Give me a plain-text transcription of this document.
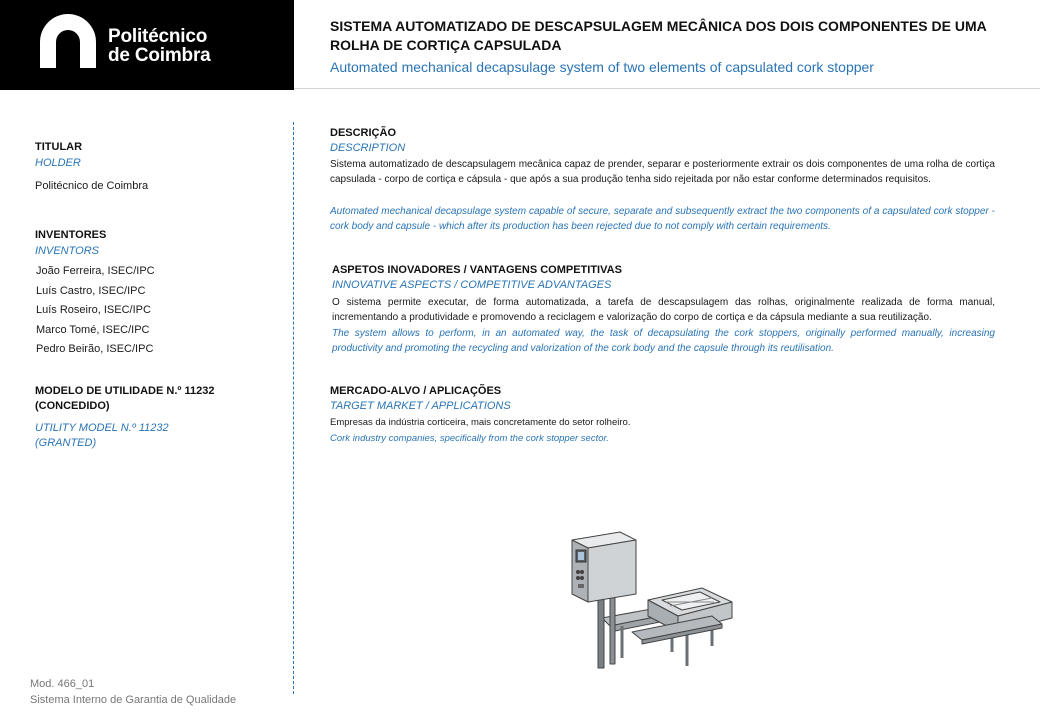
Politécnico
de Coimbra
SISTEMA AUTOMATIZADO DE DESCAPSULAGEM MECÂNICA DOS DOIS COMPONENTES DE UMA ROLHA DE CORTIÇA CAPSULADA
Automated mechanical decapsulage system of two elements of capsulated cork stopper
TITULAR
HOLDER
Politécnico de Coimbra
INVENTORES
INVENTORS
João Ferreira, ISEC/IPC
Luís Castro, ISEC/IPC
Luís Roseiro, ISEC/IPC
Marco Tomé, ISEC/IPC
Pedro Beirão, ISEC/IPC
MODELO DE UTILIDADE N.º 11232
(CONCEDIDO)
UTILITY MODEL N.º 11232
(GRANTED)
DESCRIÇÃO
DESCRIPTION
Sistema automatizado de descapsulagem mecânica capaz de prender, separar e posteriormente extrair os dois componentes de uma rolha de cortiça capsulada - corpo de cortiça e cápsula - que após a sua produção tenha sido rejeitada por não estar conforme determinados requisitos.
Automated mechanical decapsulage system capable of secure, separate and subsequently extract the two components of a capsulated cork stopper - cork body and capsule - which after its production has been rejected due to not comply with certain requirements.
ASPETOS INOVADORES / VANTAGENS COMPETITIVAS
INNOVATIVE ASPECTS / COMPETITIVE ADVANTAGES
O sistema permite executar, de forma automatizada, a tarefa de descapsulagem das rolhas, originalmente realizada de forma manual, incrementando a produtividade e promovendo a reciclagem e valorização do corpo de cortiça e da cápsula mediante a sua reutilização.
The system allows to perform, in an automated way, the task of decapsulating the cork stoppers, originally performed manually, increasing productivity and promoting the recycling and valorization of the cork body and the capsule through its reutilisation.
MERCADO-ALVO / APLICAÇÕES
TARGET MARKET / APPLICATIONS
Empresas da indústria corticeira, mais concretamente do setor rolheiro.
Cork industry companies, specifically from the cork stopper sector.
Mod. 466_01
Sistema Interno de Garantia de Qualidade
